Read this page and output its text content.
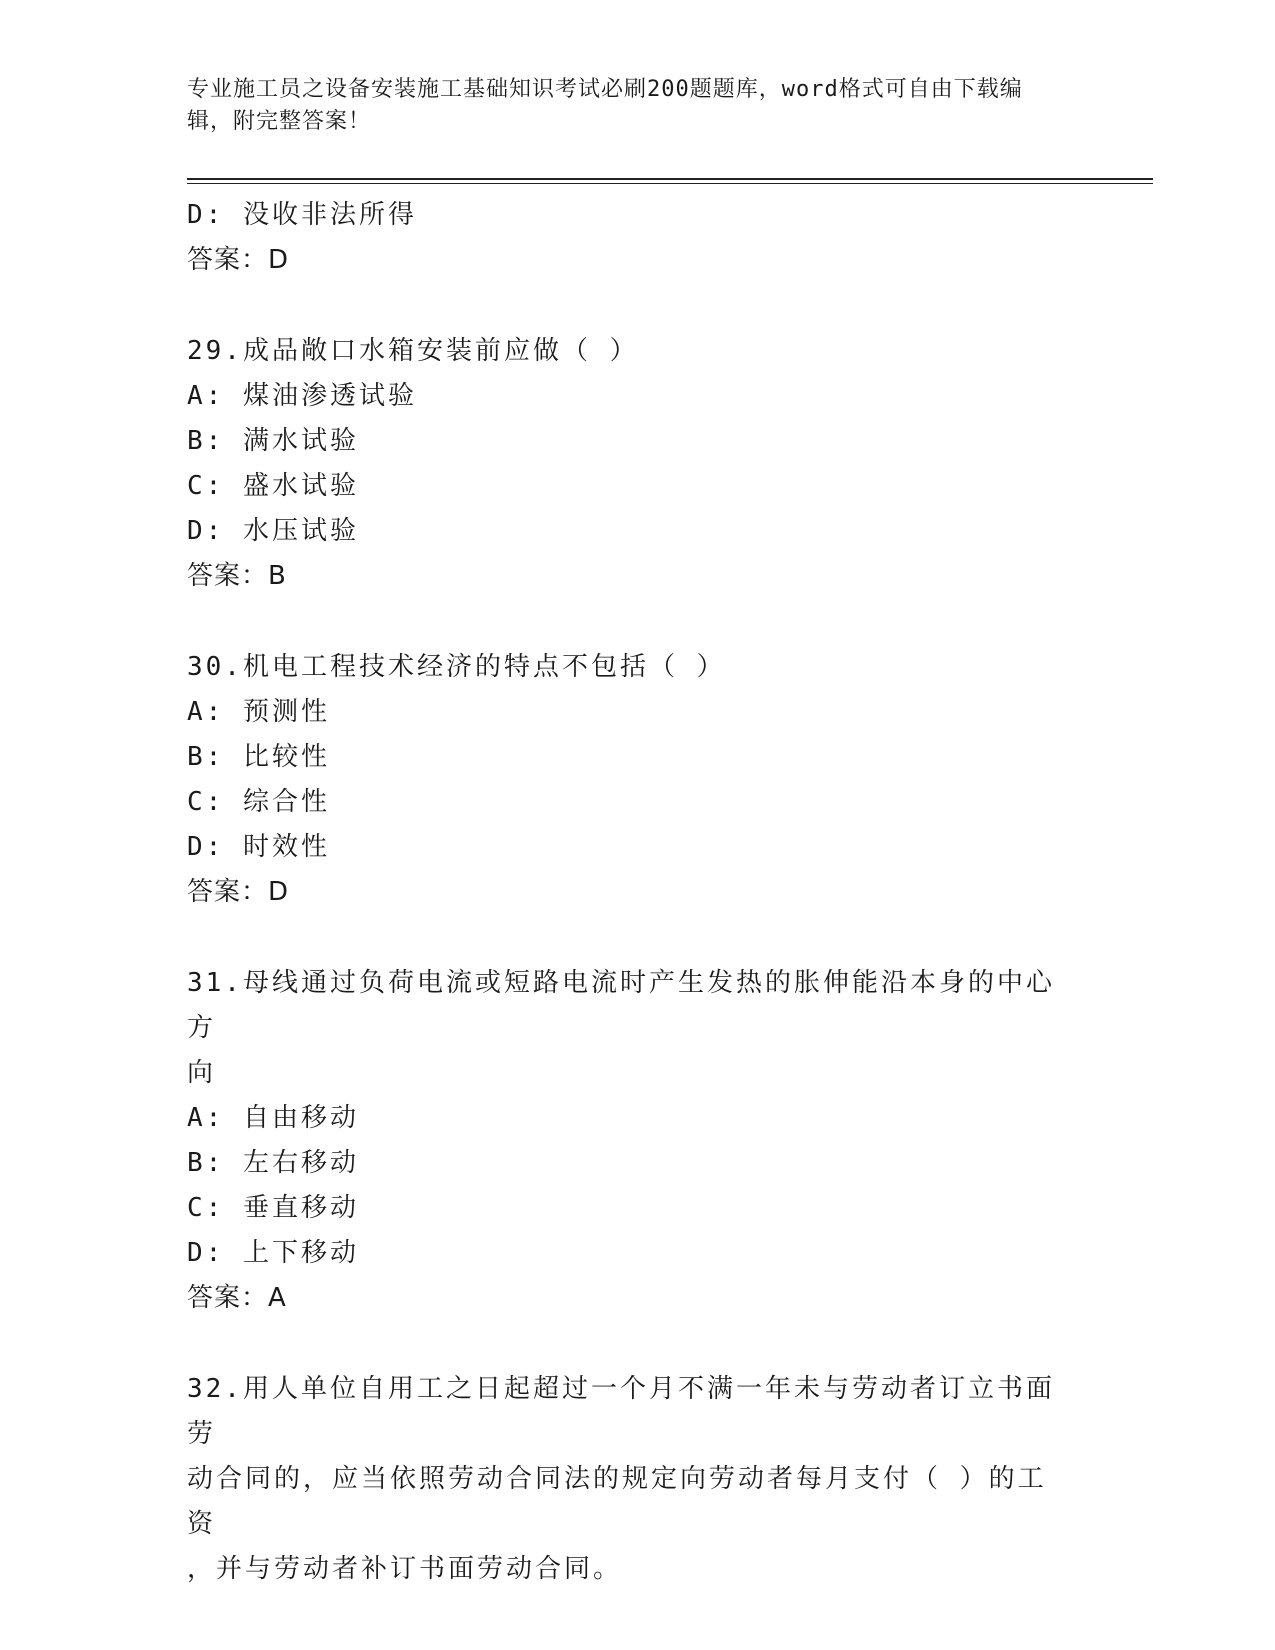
专业施工员之设备安装施工基础知识考试必刷200题题库，word格式可自由下载编辑，附完整答案！
D: 没收非法所得
答案：D
29.成品敞口水箱安装前应做（ ）
A: 煤油渗透试验
B: 满水试验
C: 盛水试验
D: 水压试验
答案：B
30.机电工程技术经济的特点不包括（ ）
A: 预测性
B: 比较性
C: 综合性
D: 时效性
答案：D
31.母线通过负荷电流或短路电流时产生发热的胀伸能沿本身的中心方
向
A: 自由移动
B: 左右移动
C: 垂直移动
D: 上下移动
答案：A
32.用人单位自用工之日起超过一个月不满一年未与劳动者订立书面劳
动合同的，应当依照劳动合同法的规定向劳动者每月支付（ ）的工资
，并与劳动者补订书面劳动合同。
